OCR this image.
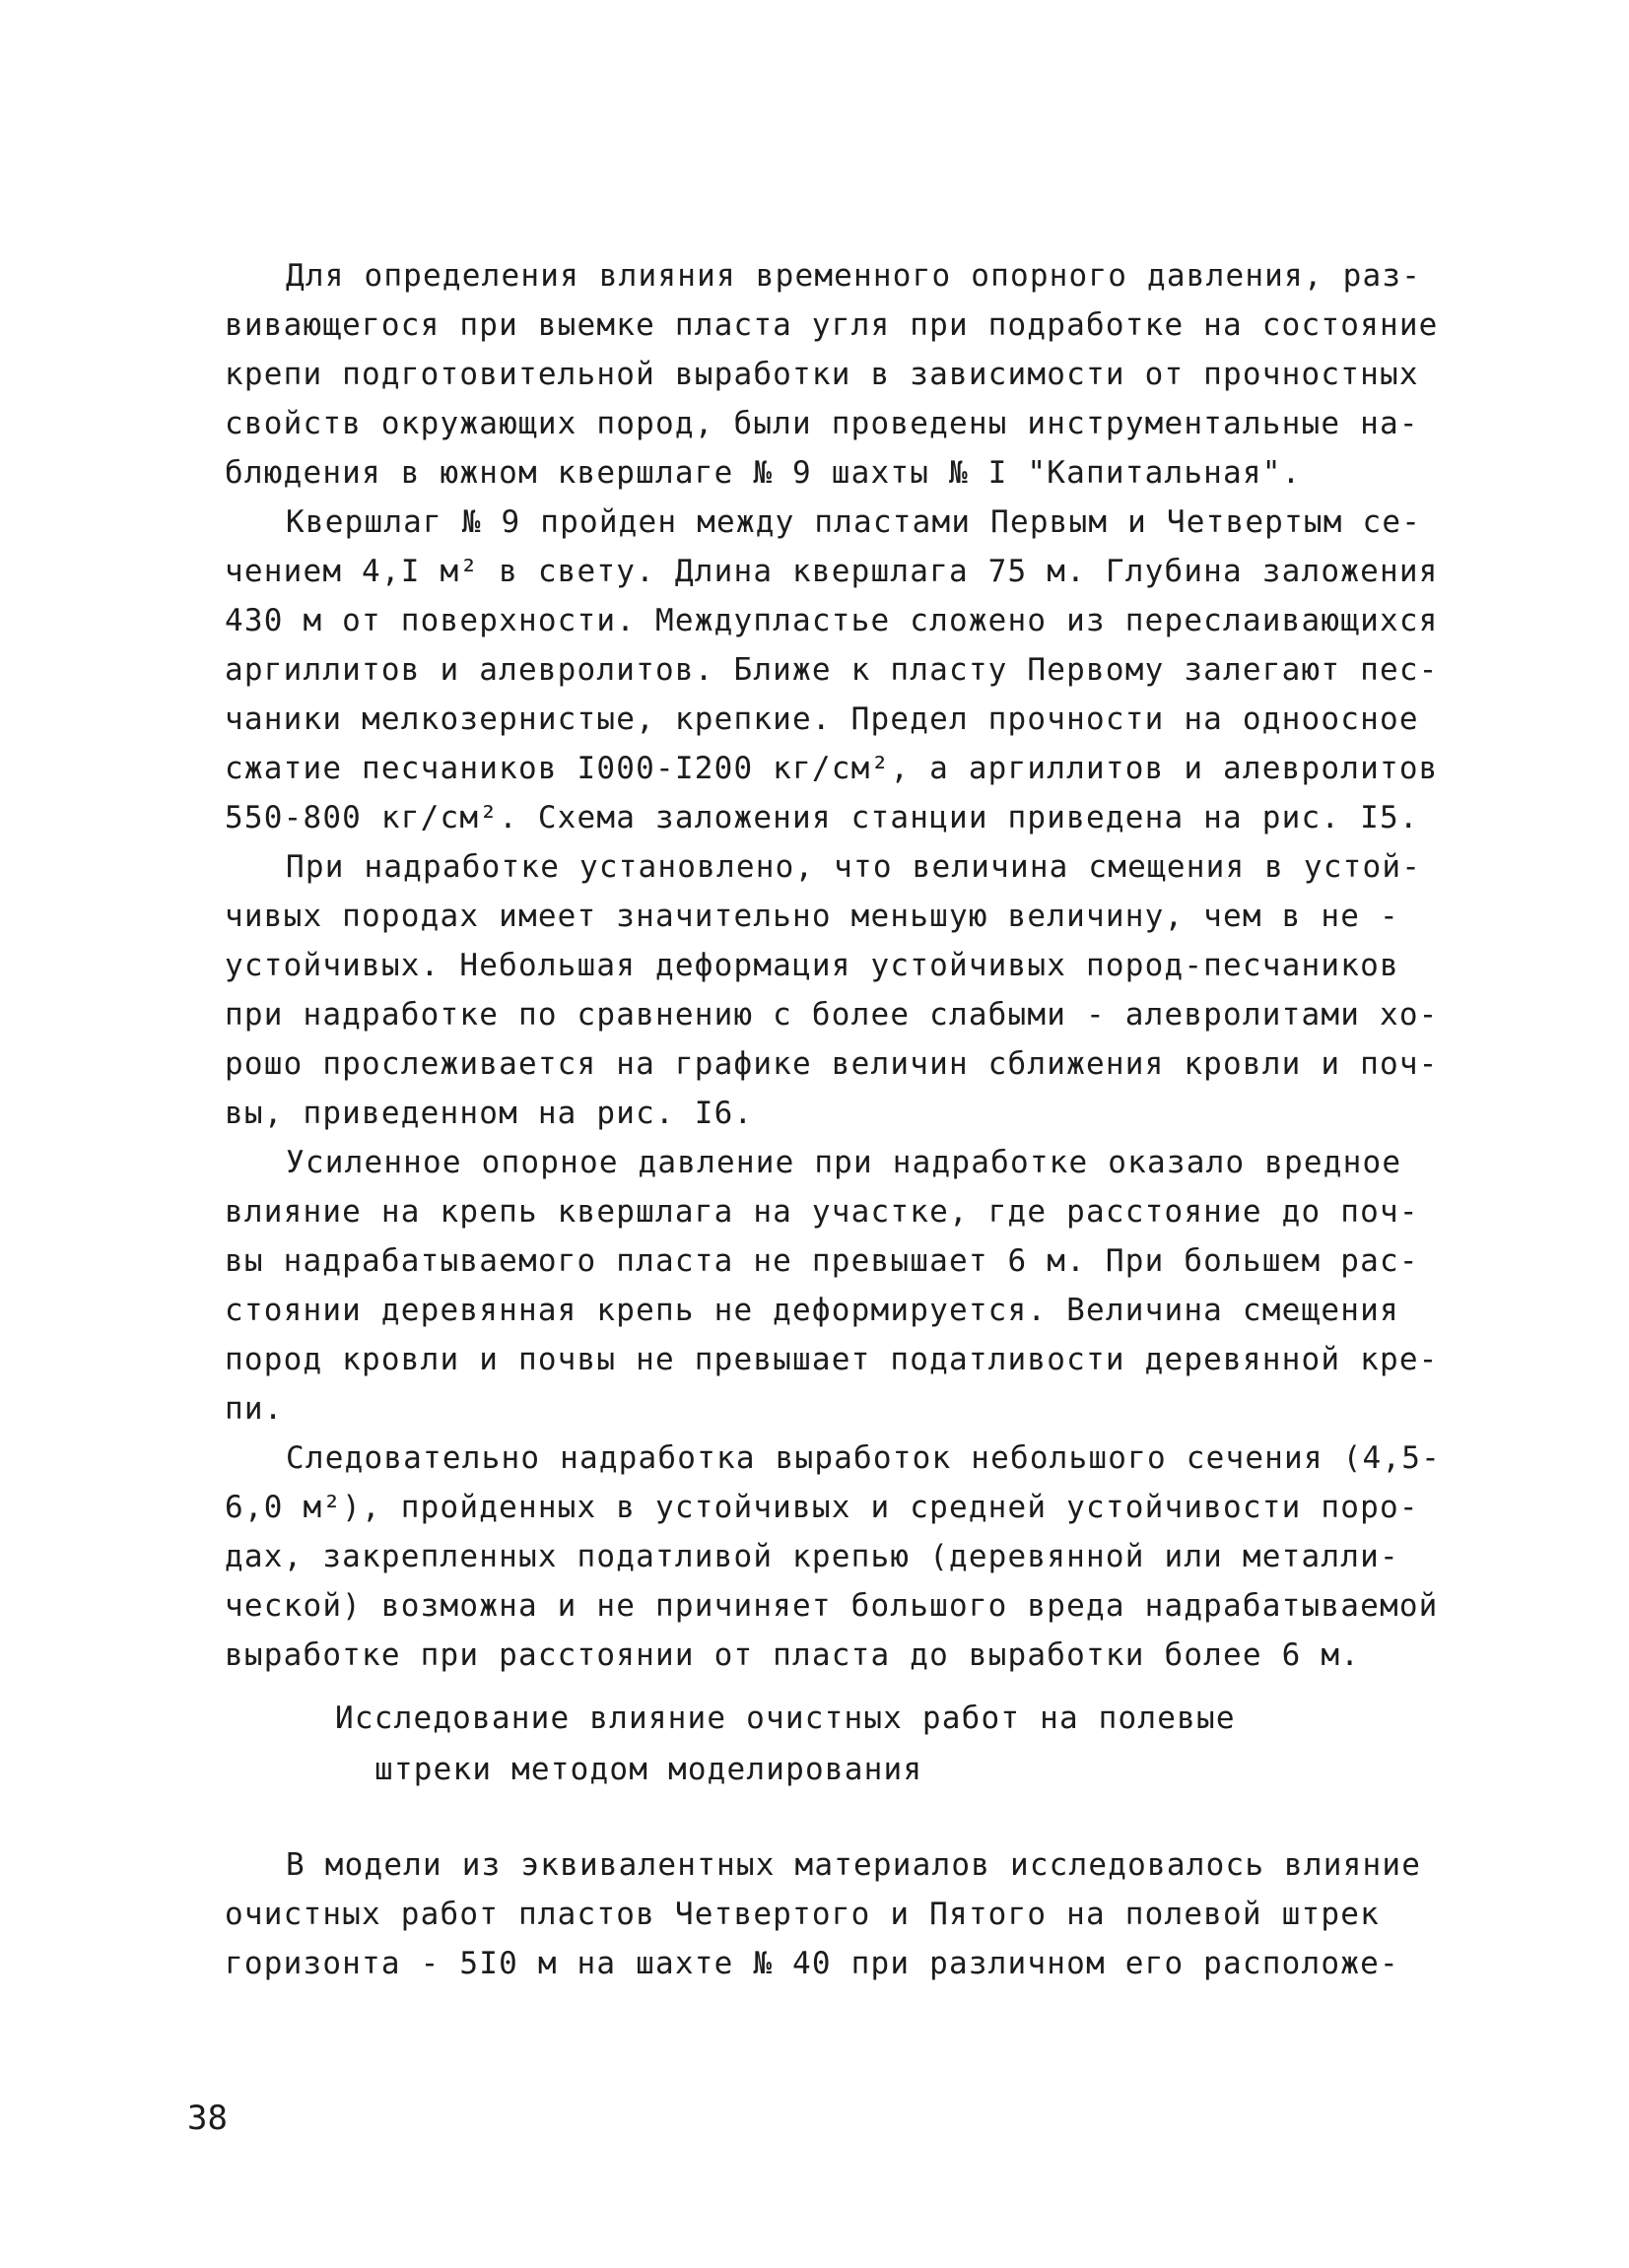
Для определения влияния временного опорного давления, раз-
вивающегося при выемке пласта угля при подработке на состояние
крепи подготовительной выработки в зависимости от прочностных
свойств окружающих пород, были проведены инструментальные на-
блюдения в южном квершлаге № 9 шахты № I "Капитальная".
Квершлаг № 9 пройден между пластами Первым и Четвертым се-
чением 4,I м² в свету. Длина квершлага 75 м. Глубина заложения
430 м от поверхности. Междупластье сложено из переслаивающихся
аргиллитов и алевролитов. Ближе к пласту Первому залегают пес-
чаники мелкозернистые, крепкие. Предел прочности на одноосное
сжатие песчаников I000-I200 кг/см², а аргиллитов и алевролитов
550-800 кг/см². Схема заложения станции приведена на рис. I5.
При надработке установлено, что величина смещения в устой-
чивых породах имеет значительно меньшую величину, чем в не -
устойчивых. Небольшая деформация устойчивых пород-песчаников
при надработке по сравнению с более слабыми - алевролитами хо-
рошо прослеживается на графике величин сближения кровли и поч-
вы, приведенном на рис. I6.
Усиленное опорное давление при надработке оказало вредное
влияние на крепь квершлага на участке, где расстояние до поч-
вы надрабатываемого пласта не превышает 6 м. При большем рас-
стоянии деревянная крепь не деформируется. Величина смещения
пород кровли и почвы не превышает податливости деревянной кре-
пи.
Следовательно надработка выработок небольшого сечения (4,5-
6,0 м²), пройденных в устойчивых и средней устойчивости поро-
дах, закрепленных податливой крепью (деревянной или металли-
ческой) возможна и не причиняет большого вреда надрабатываемой
выработке при расстоянии от пласта до выработки более 6 м.
Исследование влияние очистных работ на полевые
штреки методом моделирования
В модели из эквивалентных материалов исследовалось влияние
очистных работ пластов Четвертого и Пятого на полевой штрек
горизонта - 5I0 м на шахте № 40 при различном его расположе-
38
